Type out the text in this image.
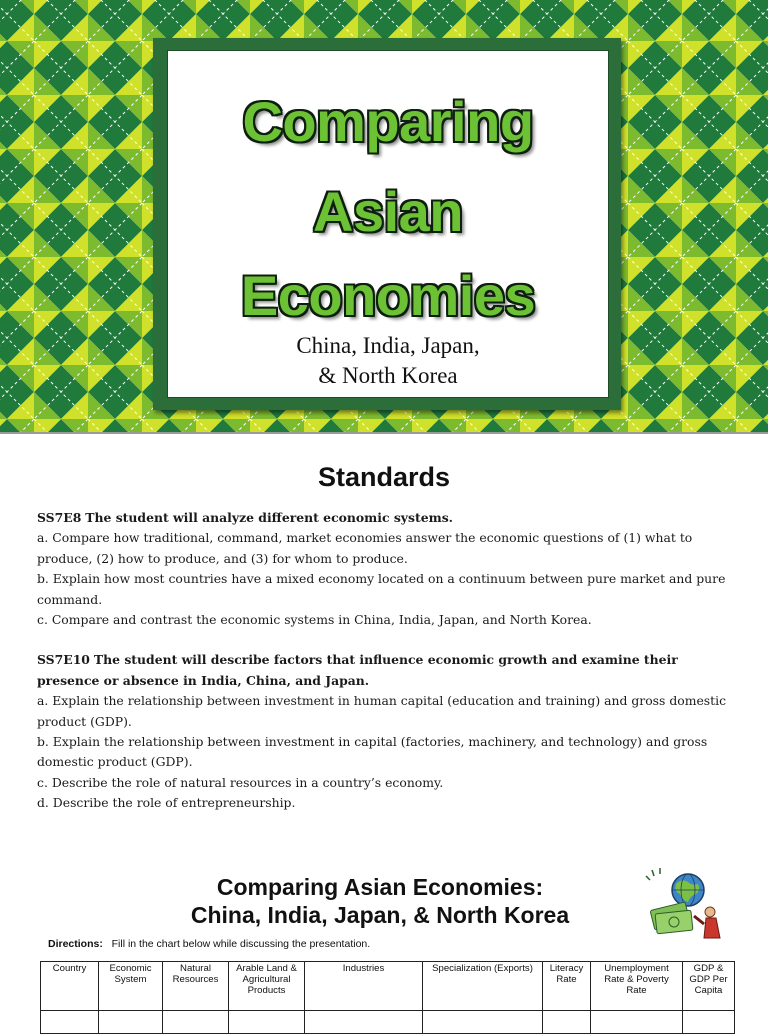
Comparing
Asian
Economies
China, India, Japan,
& North Korea
Standards

SS7E8 The student will analyze different economic systems.

a. Compare how traditional, command, market economies answer the economic questions of (1) what to produce, (2) how to produce, and (3) for whom to produce.

b. Explain how most countries have a mixed economy located on a continuum between pure market and pure command.

c. Compare and contrast the economic systems in China, India, Japan, and North Korea.

SS7E10 The student will describe factors that influence economic growth and examine their presence or absence in India, China, and Japan.

a. Explain the relationship between investment in human capital (education and training) and gross domestic product (GDP).

b. Explain the relationship between investment in capital (factories, machinery, and technology) and gross domestic product (GDP).

c. Describe the role of natural resources in a country’s economy.

d. Describe the role of entrepreneurship.

Comparing Asian Economies:
China, India, Japan, & North Korea
Directions: Fill in the chart below while discussing the presentation.
Country	Economic System	Natural Resources	Arable Land & Agricultural Products	Industries	Specialization (Exports)	Literacy Rate	Unemployment Rate & Poverty Rate	GDP & GDP Per Capita
